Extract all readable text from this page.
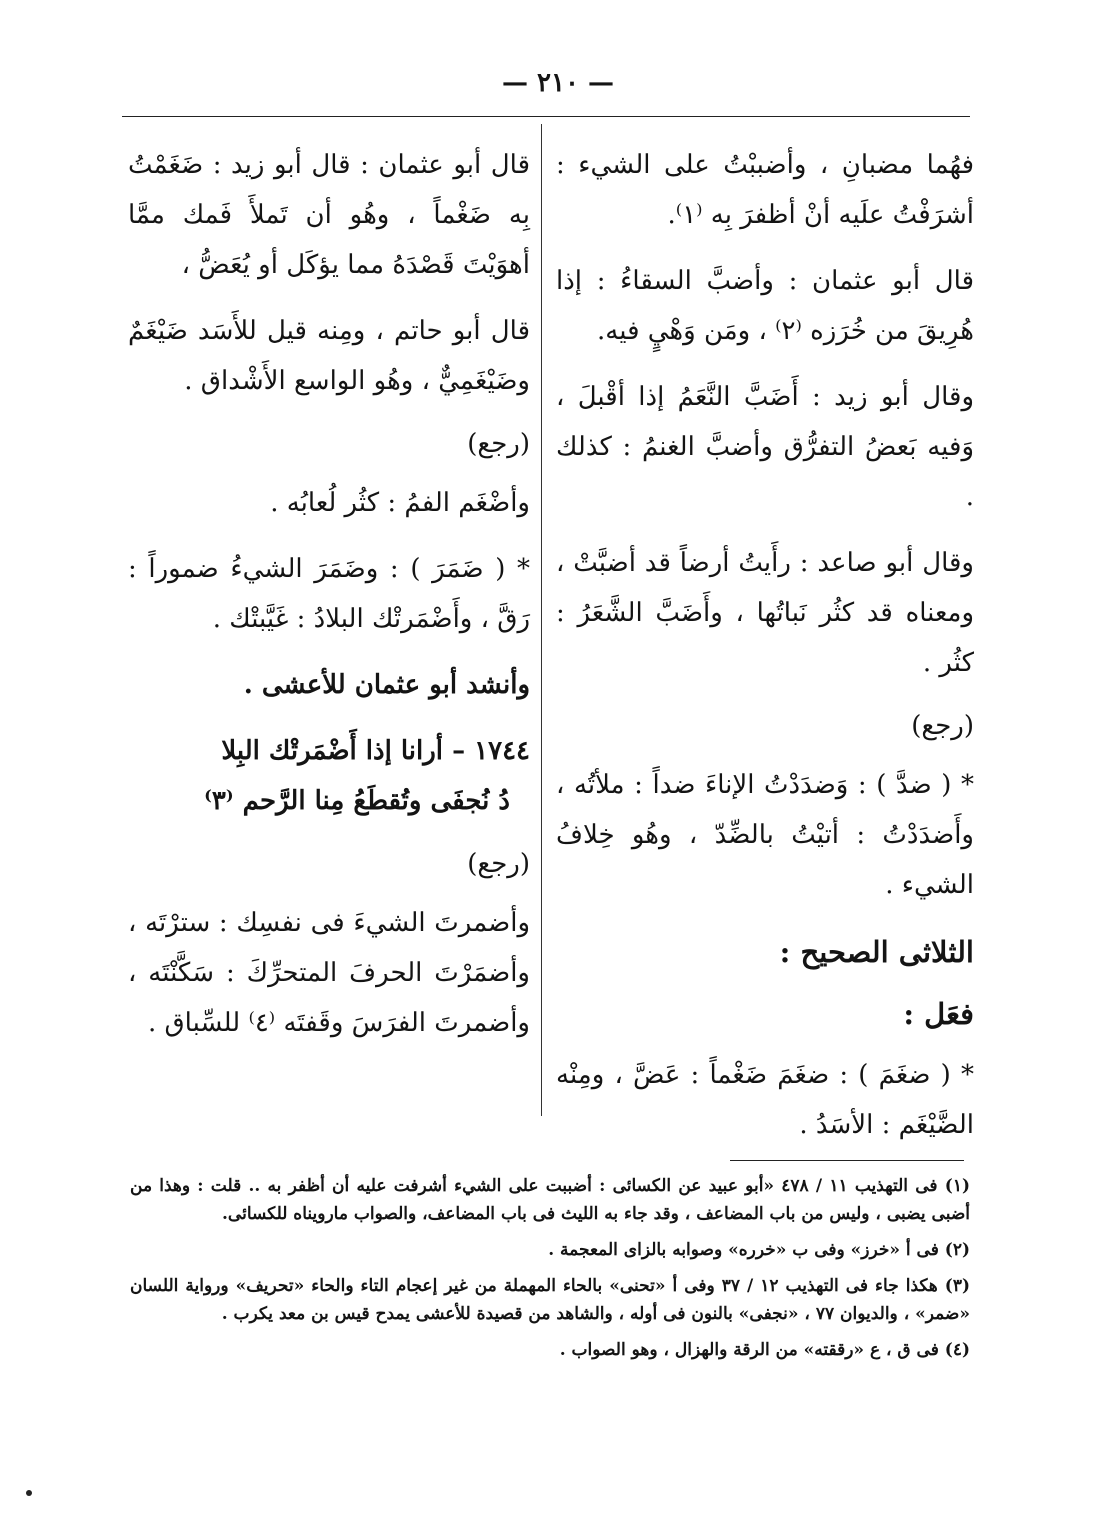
— ٢١٠ —

فهُما مضبانِ ، وأضببْتُ على الشيء : أشرَفْتُ علَيه أنْ أظفرَ بِه ⁽١⁾.

قال أبو عثمان : وأضبَّ السقاءُ : إذا هُرِيقَ من خُرَزه ⁽٢⁾ ، ومَن وَهْيٍ فيه.

وقال أبو زيد : أَضَبَّ النَّعَمُ إذا أقْبلَ ، وَفيه بَعضُ التفرُّق وأضبَّ الغنمُ : كذلك .

وقال أبو صاعد : رأَيتُ أرضاً قد أضبَّتْ ، ومعناه قد كثُر نَباتُها ، وأَضَبَّ الشَّعَرُ : كثُر .

(رجع)

* ( ضدَّ ) : وَضدَدْتُ الإناءَ ضداً : ملأتُه ، وأَضدَدْتُ : أتيْتُ بالضِّدّ ، وهُو خِلافُ الشيء .

الثلاثى الصحيح :

فعَل :

* ( ضغَمَ ) : ضغَمَ ضَغْماً : عَضَّ ، ومِنْه الضَّيْغَم : الأسَدُ .

قال أبو عثمان : قال أبو زيد : ضَغَمْتُ بِه ضَغْماً ، وهُو أن تَملأَ فَمك ممَّا أهوَيْتَ قَصْدَهُ مما يؤكَل أو يُعَضُّ ،

قال أبو حاتم ، ومِنه قيل للأَسَد ضَيْغَمٌ وضَيْغَمِيٌّ ، وهُو الواسع الأَشْداق .

(رجع)

وأضْغَم الفمُ : كثُر لُعابُه .

* ( ضَمَرَ ) : وضَمَرَ الشيءُ ضموراً : رَقَّ ، وأَضْمَرتْك البلادُ : غَيَّبتْك .

وأنشد أبو عثمان للأعشى .

١٧٤٤ – أرانا إذا أَضْمَرتْك البِلا

دُ نُجفَى وتُقطَعُ مِنا الرَّحم ⁽٣⁾

(رجع)

وأضمرتَ الشيءَ فى نفسِك : سترْتَه ، وأضمَرْتَ الحرفَ المتحرِّكَ : سَكَّنْتَه ، وأضمرتَ الفرَسَ وقَفتَه ⁽٤⁾ للسِّباق .

(١) فى التهذيب ١١ / ٤٧٨ «أبو عبيد عن الكسائى : أضببت على الشيء أشرفت عليه أن أظفر به .. قلت : وهذا من أضبى يضبى ، وليس من باب المضاعف ، وقد جاء به الليث فى باب المضاعف، والصواب مارويناه للكسائى.

(٢) فى أ «خرز» وفى ب «خرره» وصوابه بالزاى المعجمة .

(٣) هكذا جاء فى التهذيب ١٢ / ٣٧ وفى أ «تحنى» بالحاء المهملة من غير إعجام التاء والحاء «تحريف» ورواية اللسان «ضمر» ، والديوان ٧٧ ، «نجفى» بالنون فى أوله ، والشاهد من قصيدة للأعشى يمدح قيس بن معد يكرب .

(٤) فى ق ، ع «رققته» من الرقة والهزال ، وهو الصواب .
